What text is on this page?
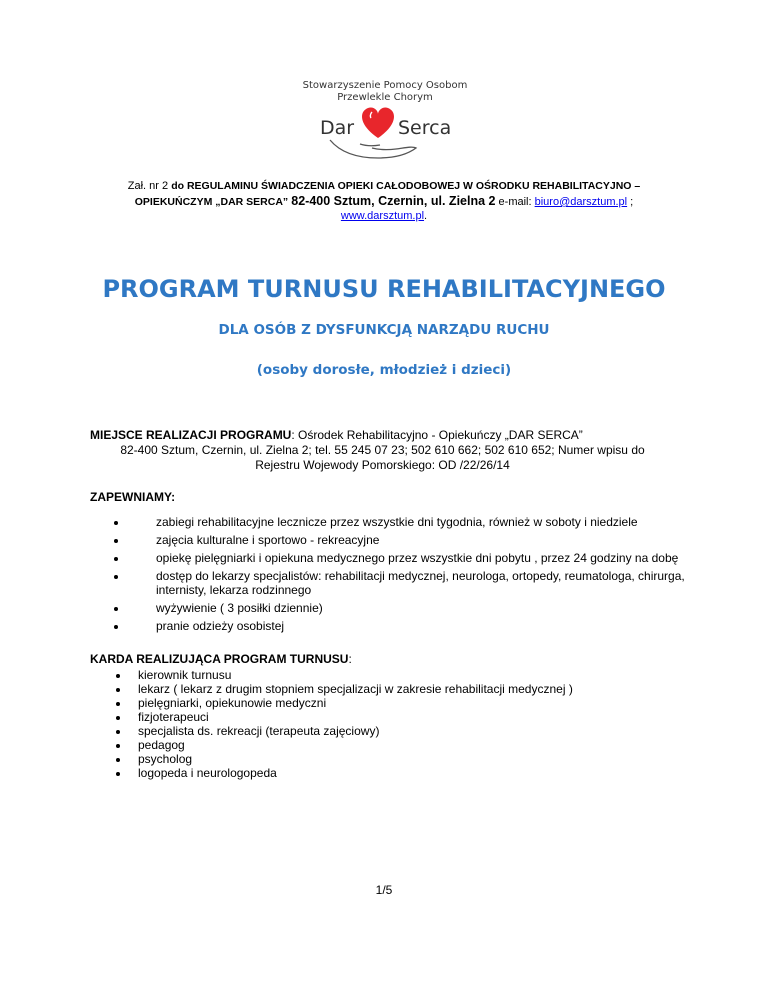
Stowarzyszenie Pomocy Osobom
Przewlekle Chorym
Dar Serca
Zał. nr 2 do REGULAMINU ŚWIADCZENIA OPIEKI CAŁODOBOWEJ W OŚRODKU REHABILITACYJNO –
OPIEKUŃCZYM „DAR SERCA” 82-400 Sztum, Czernin, ul. Zielna 2 e-mail: biuro@darsztum.pl ;
www.darsztum.pl.
PROGRAM TURNUSU REHABILITACYJNEGO
DLA OSÓB Z DYSFUNKCJĄ NARZĄDU RUCHU
(osoby dorosłe, młodzież i dzieci)
MIEJSCE REALIZACJI PROGRAMU: Ośrodek Rehabilitacyjno - Opiekuńczy „DAR SERCA”
82-400 Sztum, Czernin, ul. Zielna 2; tel. 55 245 07 23; 502 610 662; 502 610 652; Numer wpisu do
Rejestru Wojewody Pomorskiego: OD /22/26/14
ZAPEWNIAMY:
zabiegi rehabilitacyjne lecznicze przez wszystkie dni tygodnia, również w soboty i niedziele
zajęcia kulturalne i sportowo - rekreacyjne
opiekę pielęgniarki i opiekuna medycznego przez wszystkie dni pobytu , przez 24 godziny na dobę
dostęp do lekarzy specjalistów: rehabilitacji medycznej, neurologa, ortopedy, reumatologa, chirurga, internisty, lekarza rodzinnego
wyżywienie ( 3 posiłki dziennie)
pranie odzieży osobistej
KARDA REALIZUJĄCA PROGRAM TURNUSU:
kierownik turnusu
lekarz ( lekarz z drugim stopniem specjalizacji w zakresie rehabilitacji medycznej )
pielęgniarki, opiekunowie medyczni
fizjoterapeuci
specjalista ds. rekreacji (terapeuta zajęciowy)
pedagog
psycholog
logopeda i neurologopeda
1/5
